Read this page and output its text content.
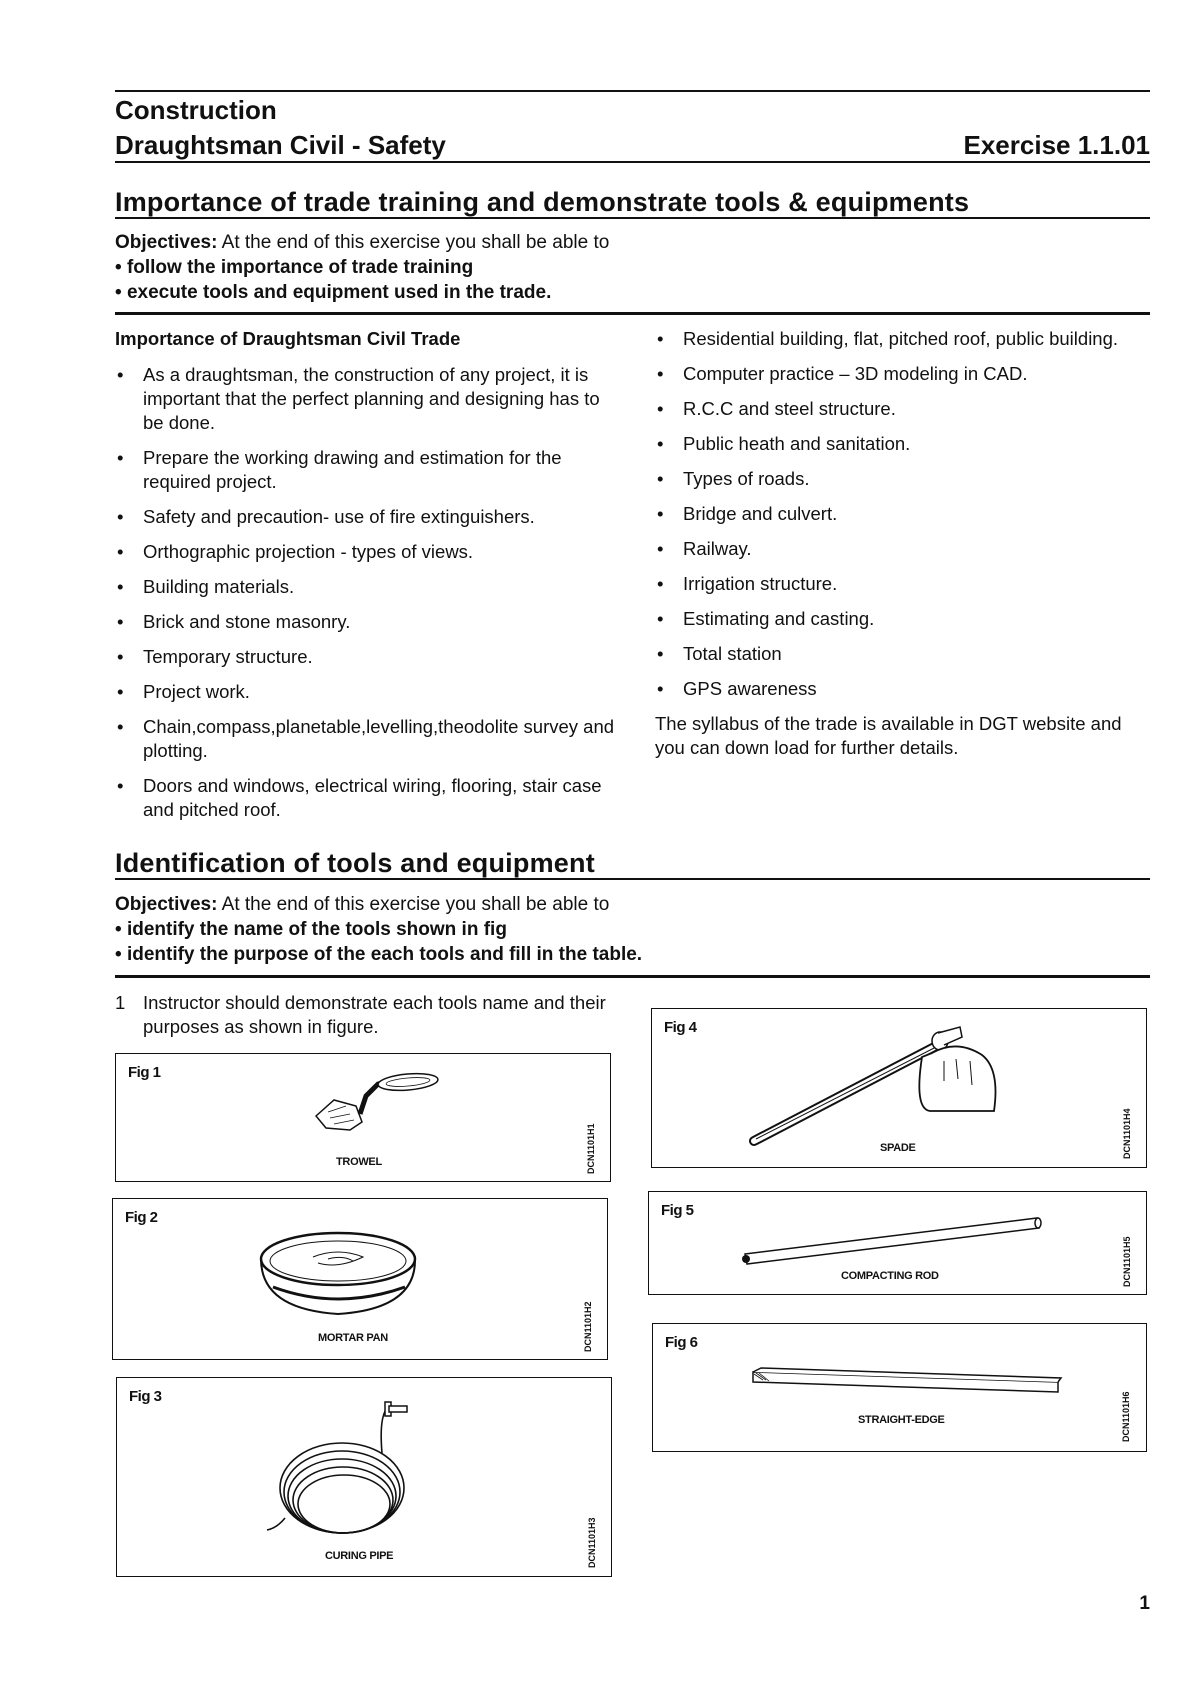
Construction
Draughtsman Civil - Safety	Exercise 1.1.01
Importance of trade training and demonstrate tools & equipments
Objectives: At the end of this exercise you shall be able to
• follow the importance of trade training
• execute tools and equipment used in the trade.
Importance of Draughtsman Civil Trade
• As a draughtsman, the construction of any project, it is important that the perfect planning and designing has to be done.
• Prepare the working drawing and estimation for the required project.
• Safety and precaution- use of fire extinguishers.
• Orthographic projection - types of views.
• Building materials.
• Brick and stone masonry.
• Temporary structure.
• Project work.
• Chain,compass,planetable,levelling,theodolite survey and plotting.
• Doors and windows, electrical wiring, flooring, stair case and pitched roof.
• Residential building, flat, pitched roof, public building.
• Computer practice – 3D modeling in CAD.
• R.C.C and steel structure.
• Public heath and sanitation.
• Types of roads.
• Bridge and culvert.
• Railway.
• Irrigation structure.
• Estimating and casting.
• Total station
• GPS awareness
The syllabus of the trade is available in DGT website and you can down load for further details.
Identification of tools and equipment
Objectives: At the end of this exercise you shall be able to
• identify the name of the tools shown in fig
• identify the purpose of the each tools and fill in the table.
1 Instructor should demonstrate each tools name and their purposes as shown in figure.
Fig 1
TROWEL	DCN1101H1
Fig 2
MORTAR PAN	DCN1101H2
Fig 3
CURING PIPE	DCN1101H3
Fig 4
SPADE	DCN1101H4
Fig 5
COMPACTING ROD	DCN1101H5
Fig 6
STRAIGHT-EDGE	DCN1101H6
1
